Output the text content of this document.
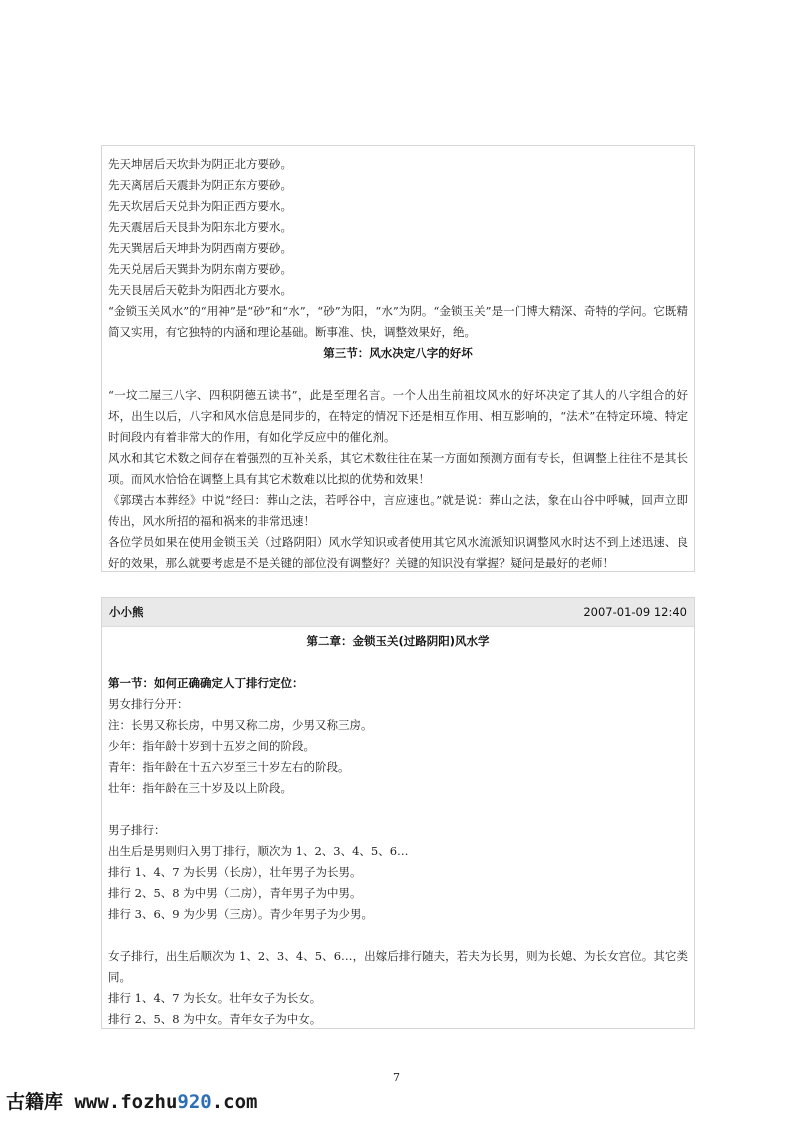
先天坤居后天坎卦为阴正北方要砂。
先天离居后天震卦为阴正东方要砂。
先天坎居后天兑卦为阳正西方要水。
先天震居后天艮卦为阳东北方要水。
先天巽居后天坤卦为阴西南方要砂。
先天兑居后天巽卦为阴东南方要砂。
先天艮居后天乾卦为阳西北方要水。
“金锁玉关风水”的“用神”是“砂”和“水”，“砂”为阳，“水”为阴。“金锁玉关”是一门博大精深、奇特的学问。它既精简又实用，有它独特的内涵和理论基础。断事准、快，调整效果好，绝。
第三节：风水决定八字的好坏
“一坟二屋三八字、四积阴德五读书”，此是至理名言。一个人出生前祖坟风水的好坏决定了其人的八字组合的好坏，出生以后，八字和风水信息是同步的，在特定的情况下还是相互作用、相互影响的，“法术”在特定环境、特定时间段内有着非常大的作用，有如化学反应中的催化剂。
风水和其它术数之间存在着强烈的互补关系，其它术数往往在某一方面如预测方面有专长，但调整上往往不是其长项。而风水恰恰在调整上具有其它术数难以比拟的优势和效果！
《郭璞古本葬经》中说“经曰：葬山之法，若呼谷中，言应速也。”就是说：葬山之法，象在山谷中呼喊，回声立即传出，风水所招的福和祸来的非常迅速！
各位学员如果在使用金锁玉关（过路阴阳）风水学知识或者使用其它风水流派知识调整风水时达不到上述迅速、良好的效果，那么就要考虑是不是关键的部位没有调整好？关键的知识没有掌握？疑问是最好的老师！
小小熊	2007-01-09 12:40
第二章：金锁玉关(过路阴阳)风水学
第一节：如何正确确定人丁排行定位：
男女排行分开：
注：长男又称长房，中男又称二房，少男又称三房。
少年：指年龄十岁到十五岁之间的阶段。
青年：指年龄在十五六岁至三十岁左右的阶段。
壮年：指年龄在三十岁及以上阶段。
男子排行：
出生后是男则归入男丁排行，顺次为 1、2、3、4、5、6…
排行 1、4、7 为长男（长房），壮年男子为长男。
排行 2、5、8 为中男（二房），青年男子为中男。
排行 3、6、9 为少男（三房）。青少年男子为少男。
女子排行，出生后顺次为 1、2、3、4、5、6…，出嫁后排行随夫，若夫为长男，则为长媳、为长女宫位。其它类同。
排行 1、4、7 为长女。壮年女子为长女。
排行 2、5、8 为中女。青年女子为中女。
7
古籍库 www.fozhu920.com
